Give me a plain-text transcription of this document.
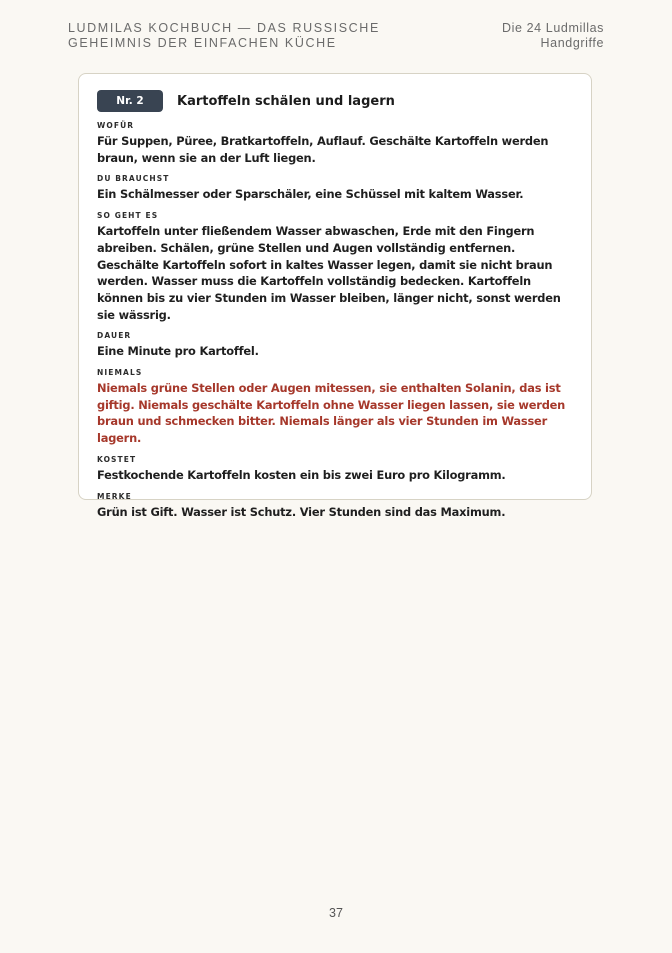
LUDMILAS KOCHBUCH — DAS RUSSISCHE GEHEIMNIS DER EINFACHEN KÜCHE
Die 24 Ludmillas Handgriffe
Nr. 2	Kartoffeln schälen und lagern
WOFÜR
Für Suppen, Püree, Bratkartoffeln, Auflauf. Geschälte Kartoffeln werden braun, wenn sie an der Luft liegen.
DU BRAUCHST
Ein Schälmesser oder Sparschäler, eine Schüssel mit kaltem Wasser.
SO GEHT ES
Kartoffeln unter fließendem Wasser abwaschen, Erde mit den Fingern abreiben. Schälen, grüne Stellen und Augen vollständig entfernen. Geschälte Kartoffeln sofort in kaltes Wasser legen, damit sie nicht braun werden. Wasser muss die Kartoffeln vollständig bedecken. Kartoffeln können bis zu vier Stunden im Wasser bleiben, länger nicht, sonst werden sie wässrig.
DAUER
Eine Minute pro Kartoffel.
NIEMALS
Niemals grüne Stellen oder Augen mitessen, sie enthalten Solanin, das ist giftig. Niemals geschälte Kartoffeln ohne Wasser liegen lassen, sie werden braun und schmecken bitter. Niemals länger als vier Stunden im Wasser lagern.
KOSTET
Festkochende Kartoffeln kosten ein bis zwei Euro pro Kilogramm.
MERKE
Grün ist Gift. Wasser ist Schutz. Vier Stunden sind das Maximum.
37
